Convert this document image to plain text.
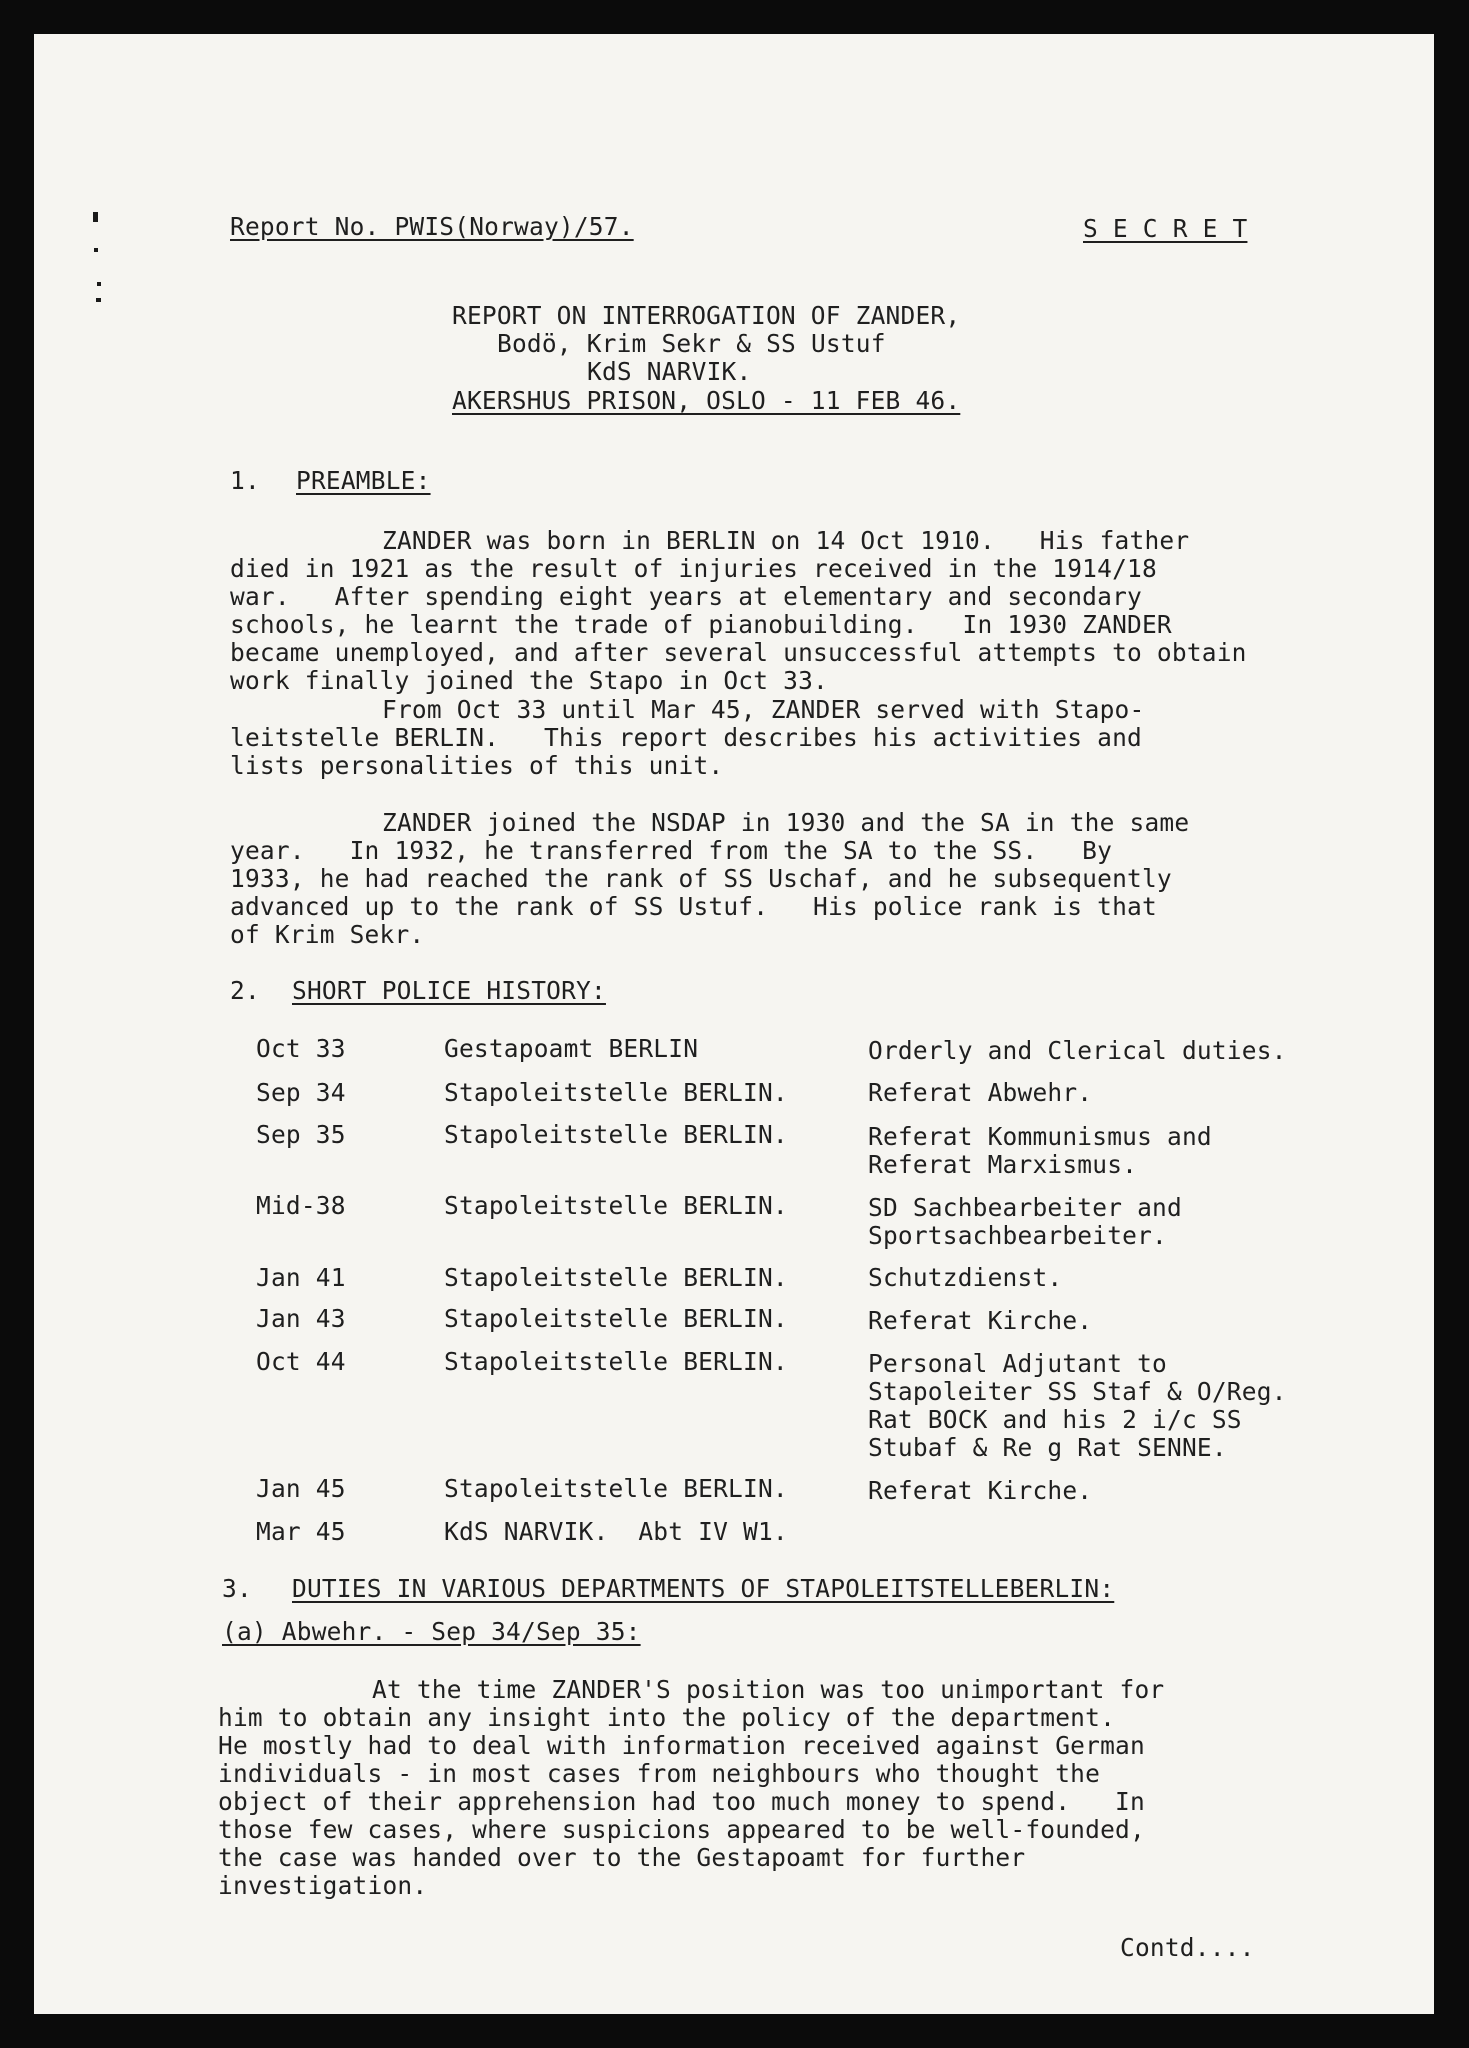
Report No. PWIS(Norway)/57.	S E C R E T
REPORT ON INTERROGATION OF ZANDER,
Bodö, Krim Sekr & SS Ustuf
KdS NARVIK.
AKERSHUS PRISON, OSLO - 11 FEB 46.
1. PREAMBLE:
ZANDER was born in BERLIN on 14 Oct 1910.   His father
died in 1921 as the result of injuries received in the 1914/18
war.   After spending eight years at elementary and secondary
schools, he learnt the trade of pianobuilding.   In 1930 ZANDER
became unemployed, and after several unsuccessful attempts to obtain
work finally joined the Stapo in Oct 33.
From Oct 33 until Mar 45, ZANDER served with Stapo-
leitstelle BERLIN.   This report describes his activities and
lists personalities of this unit.
ZANDER joined the NSDAP in 1930 and the SA in the same
year.   In 1932, he transferred from the SA to the SS.   By
1933, he had reached the rank of SS Uschaf, and he subsequently
advanced up to the rank of SS Ustuf.   His police rank is that
of Krim Sekr.
2. SHORT POLICE HISTORY:
Oct 33	Gestapoamt BERLIN	Orderly and Clerical duties.
Sep 34	Stapoleitstelle BERLIN.	Referat Abwehr.
Sep 35	Stapoleitstelle BERLIN.	Referat Kommunismus and
Referat Marxismus.
Mid-38	Stapoleitstelle BERLIN.	SD Sachbearbeiter and
Sportsachbearbeiter.
Jan 41	Stapoleitstelle BERLIN.	Schutzdienst.
Jan 43	Stapoleitstelle BERLIN.	Referat Kirche.
Oct 44	Stapoleitstelle BERLIN.	Personal Adjutant to
Stapoleiter SS Staf & O/Reg.
Rat BOCK and his 2 i/c SS
Stubaf & Re g Rat SENNE.
Jan 45	Stapoleitstelle BERLIN.	Referat Kirche.
Mar 45	KdS NARVIK.  Abt IV W1.
3. DUTIES IN VARIOUS DEPARTMENTS OF STAPOLEITSTELLEBERLIN:
(a) Abwehr. - Sep 34/Sep 35:
At the time ZANDER'S position was too unimportant for
him to obtain any insight into the policy of the department.
He mostly had to deal with information received against German
individuals - in most cases from neighbours who thought the
object of their apprehension had too much money to spend.   In
those few cases, where suspicions appeared to be well-founded,
the case was handed over to the Gestapoamt for further
investigation.
Contd....
